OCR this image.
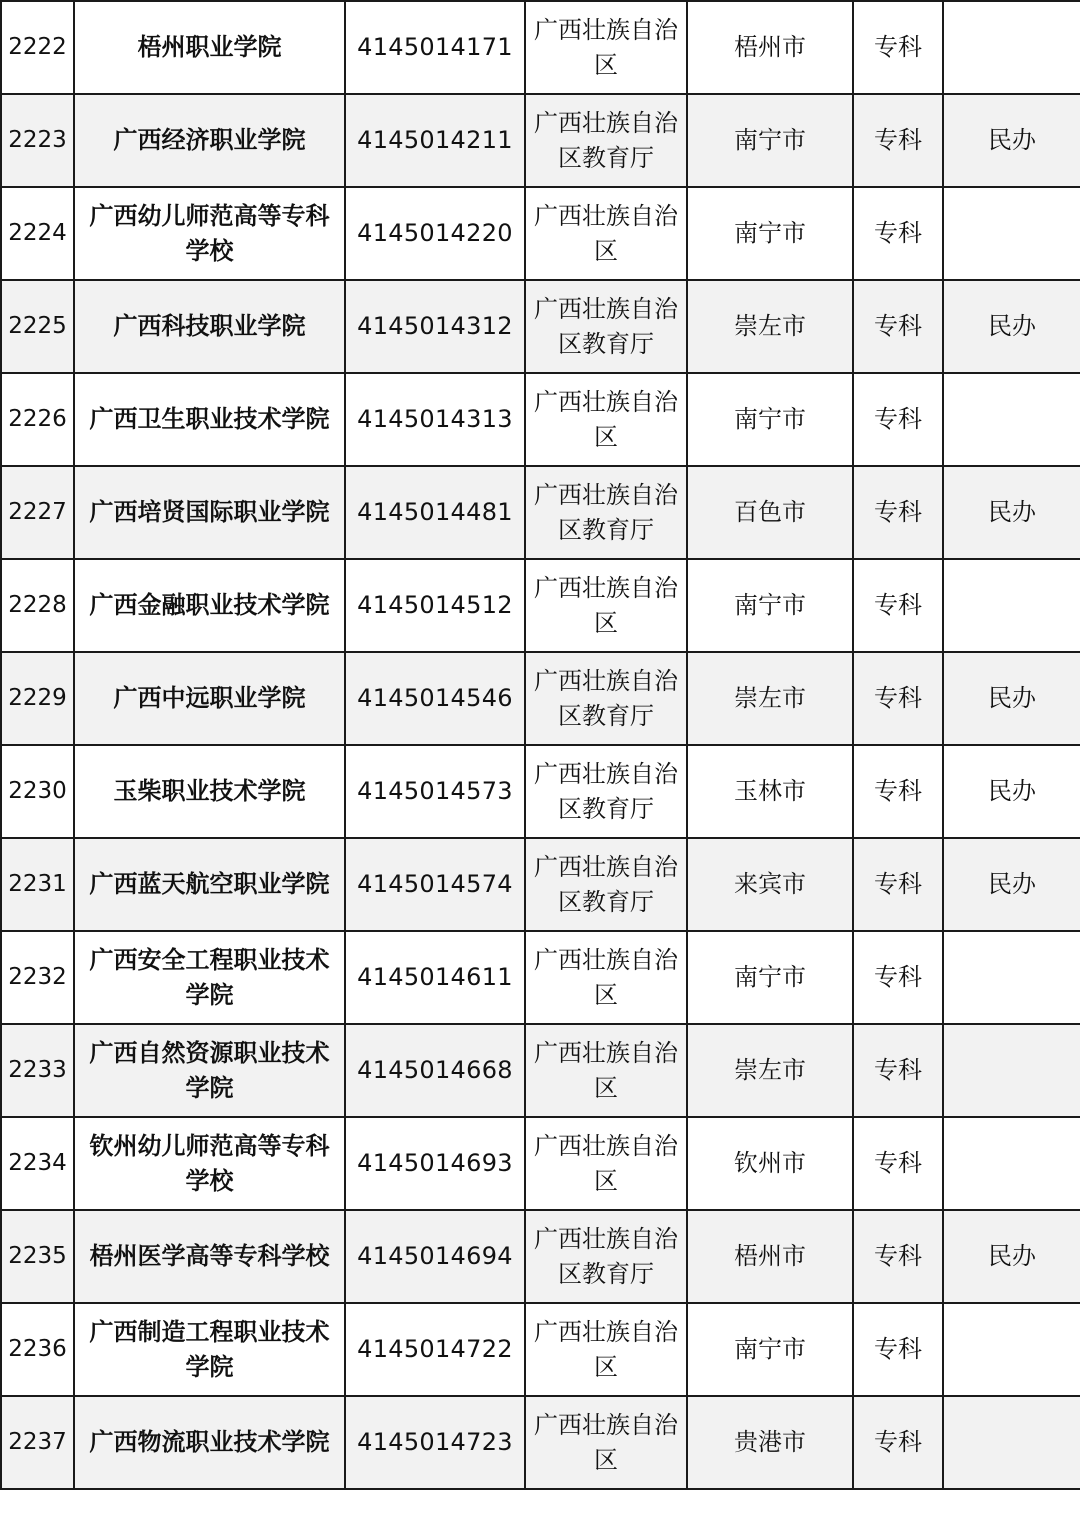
2222	梧州职业学院	4145014171	广西壮族自治区	梧州市	专科	
2223	广西经济职业学院	4145014211	广西壮族自治区教育厅	南宁市	专科	民办
2224	广西幼儿师范高等专科学校	4145014220	广西壮族自治区	南宁市	专科	
2225	广西科技职业学院	4145014312	广西壮族自治区教育厅	崇左市	专科	民办
2226	广西卫生职业技术学院	4145014313	广西壮族自治区	南宁市	专科	
2227	广西培贤国际职业学院	4145014481	广西壮族自治区教育厅	百色市	专科	民办
2228	广西金融职业技术学院	4145014512	广西壮族自治区	南宁市	专科	
2229	广西中远职业学院	4145014546	广西壮族自治区教育厅	崇左市	专科	民办
2230	玉柴职业技术学院	4145014573	广西壮族自治区教育厅	玉林市	专科	民办
2231	广西蓝天航空职业学院	4145014574	广西壮族自治区教育厅	来宾市	专科	民办
2232	广西安全工程职业技术学院	4145014611	广西壮族自治区	南宁市	专科	
2233	广西自然资源职业技术学院	4145014668	广西壮族自治区	崇左市	专科	
2234	钦州幼儿师范高等专科学校	4145014693	广西壮族自治区	钦州市	专科	
2235	梧州医学高等专科学校	4145014694	广西壮族自治区教育厅	梧州市	专科	民办
2236	广西制造工程职业技术学院	4145014722	广西壮族自治区	南宁市	专科	
2237	广西物流职业技术学院	4145014723	广西壮族自治区	贵港市	专科	
